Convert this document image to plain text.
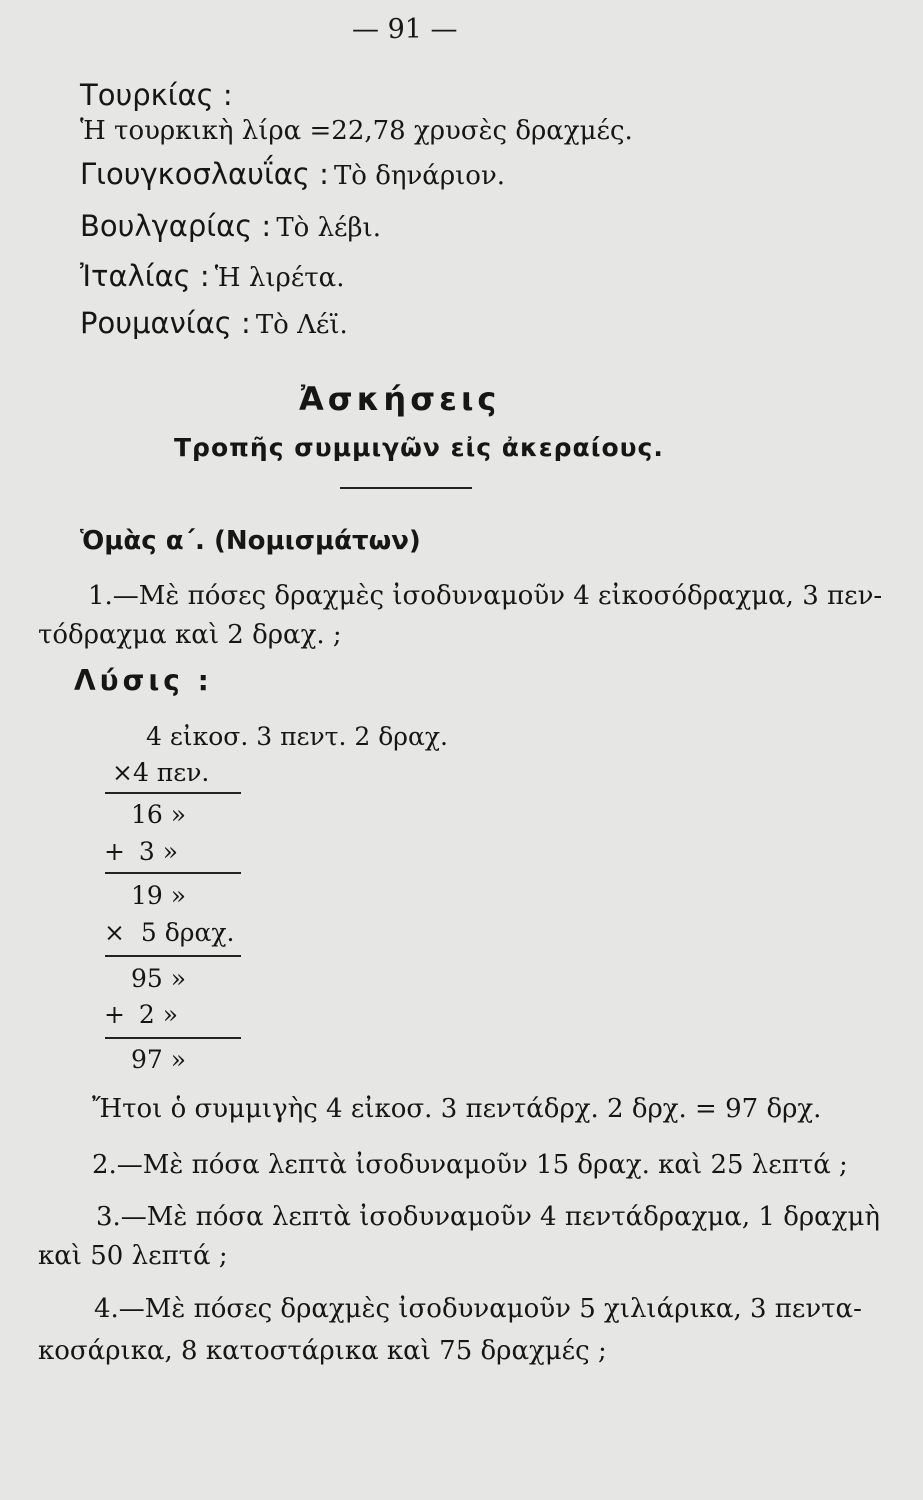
— 91 —
Τουρκίας :
Ἡ τουρκικὴ λίρα =22,78 χρυσὲς δραχμές.
Γιουγκοσλαυΐας : Τὸ δηνάριον.
Βουλγαρίας : Τὸ λέβι.
Ἰταλίας : Ἡ λιρέτα.
Ρουμανίας : Τὸ Λέϊ.
Ἀσκήσεις
Τροπῆς συμμιγῶν εἰς ἀκεραίους.
Ὁμὰς α΄. (Νομισμάτων)
1.—Μὲ πόσες δραχμὲς ἰσοδυναμοῦν 4 εἰκοσόδραχμα, 3 πεν-
τόδραχμα καὶ 2 δραχ. ;
Λύσις :
4 εἰκοσ. 3 πεντ. 2 δραχ.
×4 πεν.
16 »
+ 3 »
19 »
× 5 δραχ.
95 »
+ 2 »
97 »
Ἤτοι ὁ συμμιγὴς 4 εἰκοσ. 3 πεντάδρχ. 2 δρχ. = 97 δρχ.
2.—Μὲ πόσα λεπτὰ ἰσοδυναμοῦν 15 δραχ. καὶ 25 λεπτά ;
3.—Μὲ πόσα λεπτὰ ἰσοδυναμοῦν 4 πεντάδραχμα, 1 δραχμὴ
καὶ 50 λεπτά ;
4.—Μὲ πόσες δραχμὲς ἰσοδυναμοῦν 5 χιλιάρικα, 3 πεντα-
κοσάρικα, 8 κατοστάρικα καὶ 75 δραχμές ;
